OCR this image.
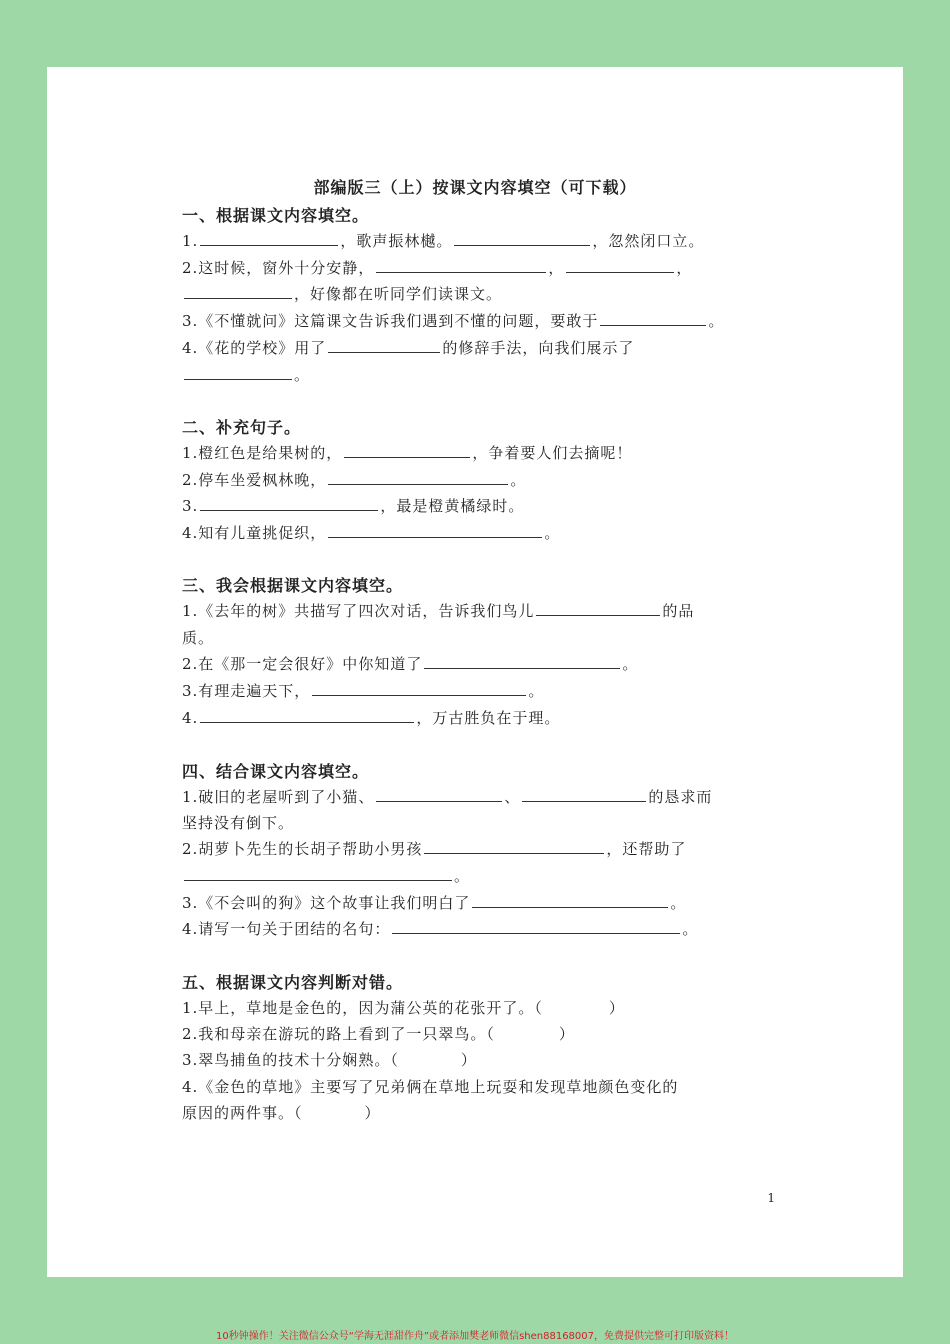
部编版三（上）按课文内容填空（可下载）
一、根据课文内容填空。
1.	，歌声振林樾。	，忽然闭口立。
2.这时候，窗外十分安静，	，	，
，好像都在听同学们读课文。
3.《不懂就问》这篇课文告诉我们遇到不懂的问题，要敢于	。
4.《花的学校》用了	的修辞手法，向我们展示了
。
二、补充句子。
1.橙红色是给果树的，	，争着要人们去摘呢！
2.停车坐爱枫林晚，	。
3.	，最是橙黄橘绿时。
4.知有儿童挑促织，	。
三、我会根据课文内容填空。
1.《去年的树》共描写了四次对话，告诉我们鸟儿	的品
质。
2.在《那一定会很好》中你知道了	。
3.有理走遍天下，	。
4.	，万古胜负在于理。
四、结合课文内容填空。
1.破旧的老屋听到了小猫、	、	的恳求而
坚持没有倒下。
2.胡萝卜先生的长胡子帮助小男孩	，还帮助了
。
3.《不会叫的狗》这个故事让我们明白了	。
4.请写一句关于团结的名句：	。
五、根据课文内容判断对错。
1.早上，草地是金色的，因为蒲公英的花张开了。（	）
2.我和母亲在游玩的路上看到了一只翠鸟。（	）
3.翠鸟捕鱼的技术十分娴熟。（	）
4.《金色的草地》主要写了兄弟俩在草地上玩耍和发现草地颜色变化的
原因的两件事。（	）
1
10秒钟操作！关注微信公众号“学海无涯甜作舟”或者添加樊老师微信shen88168007，免费提供完整可打印版资料！
